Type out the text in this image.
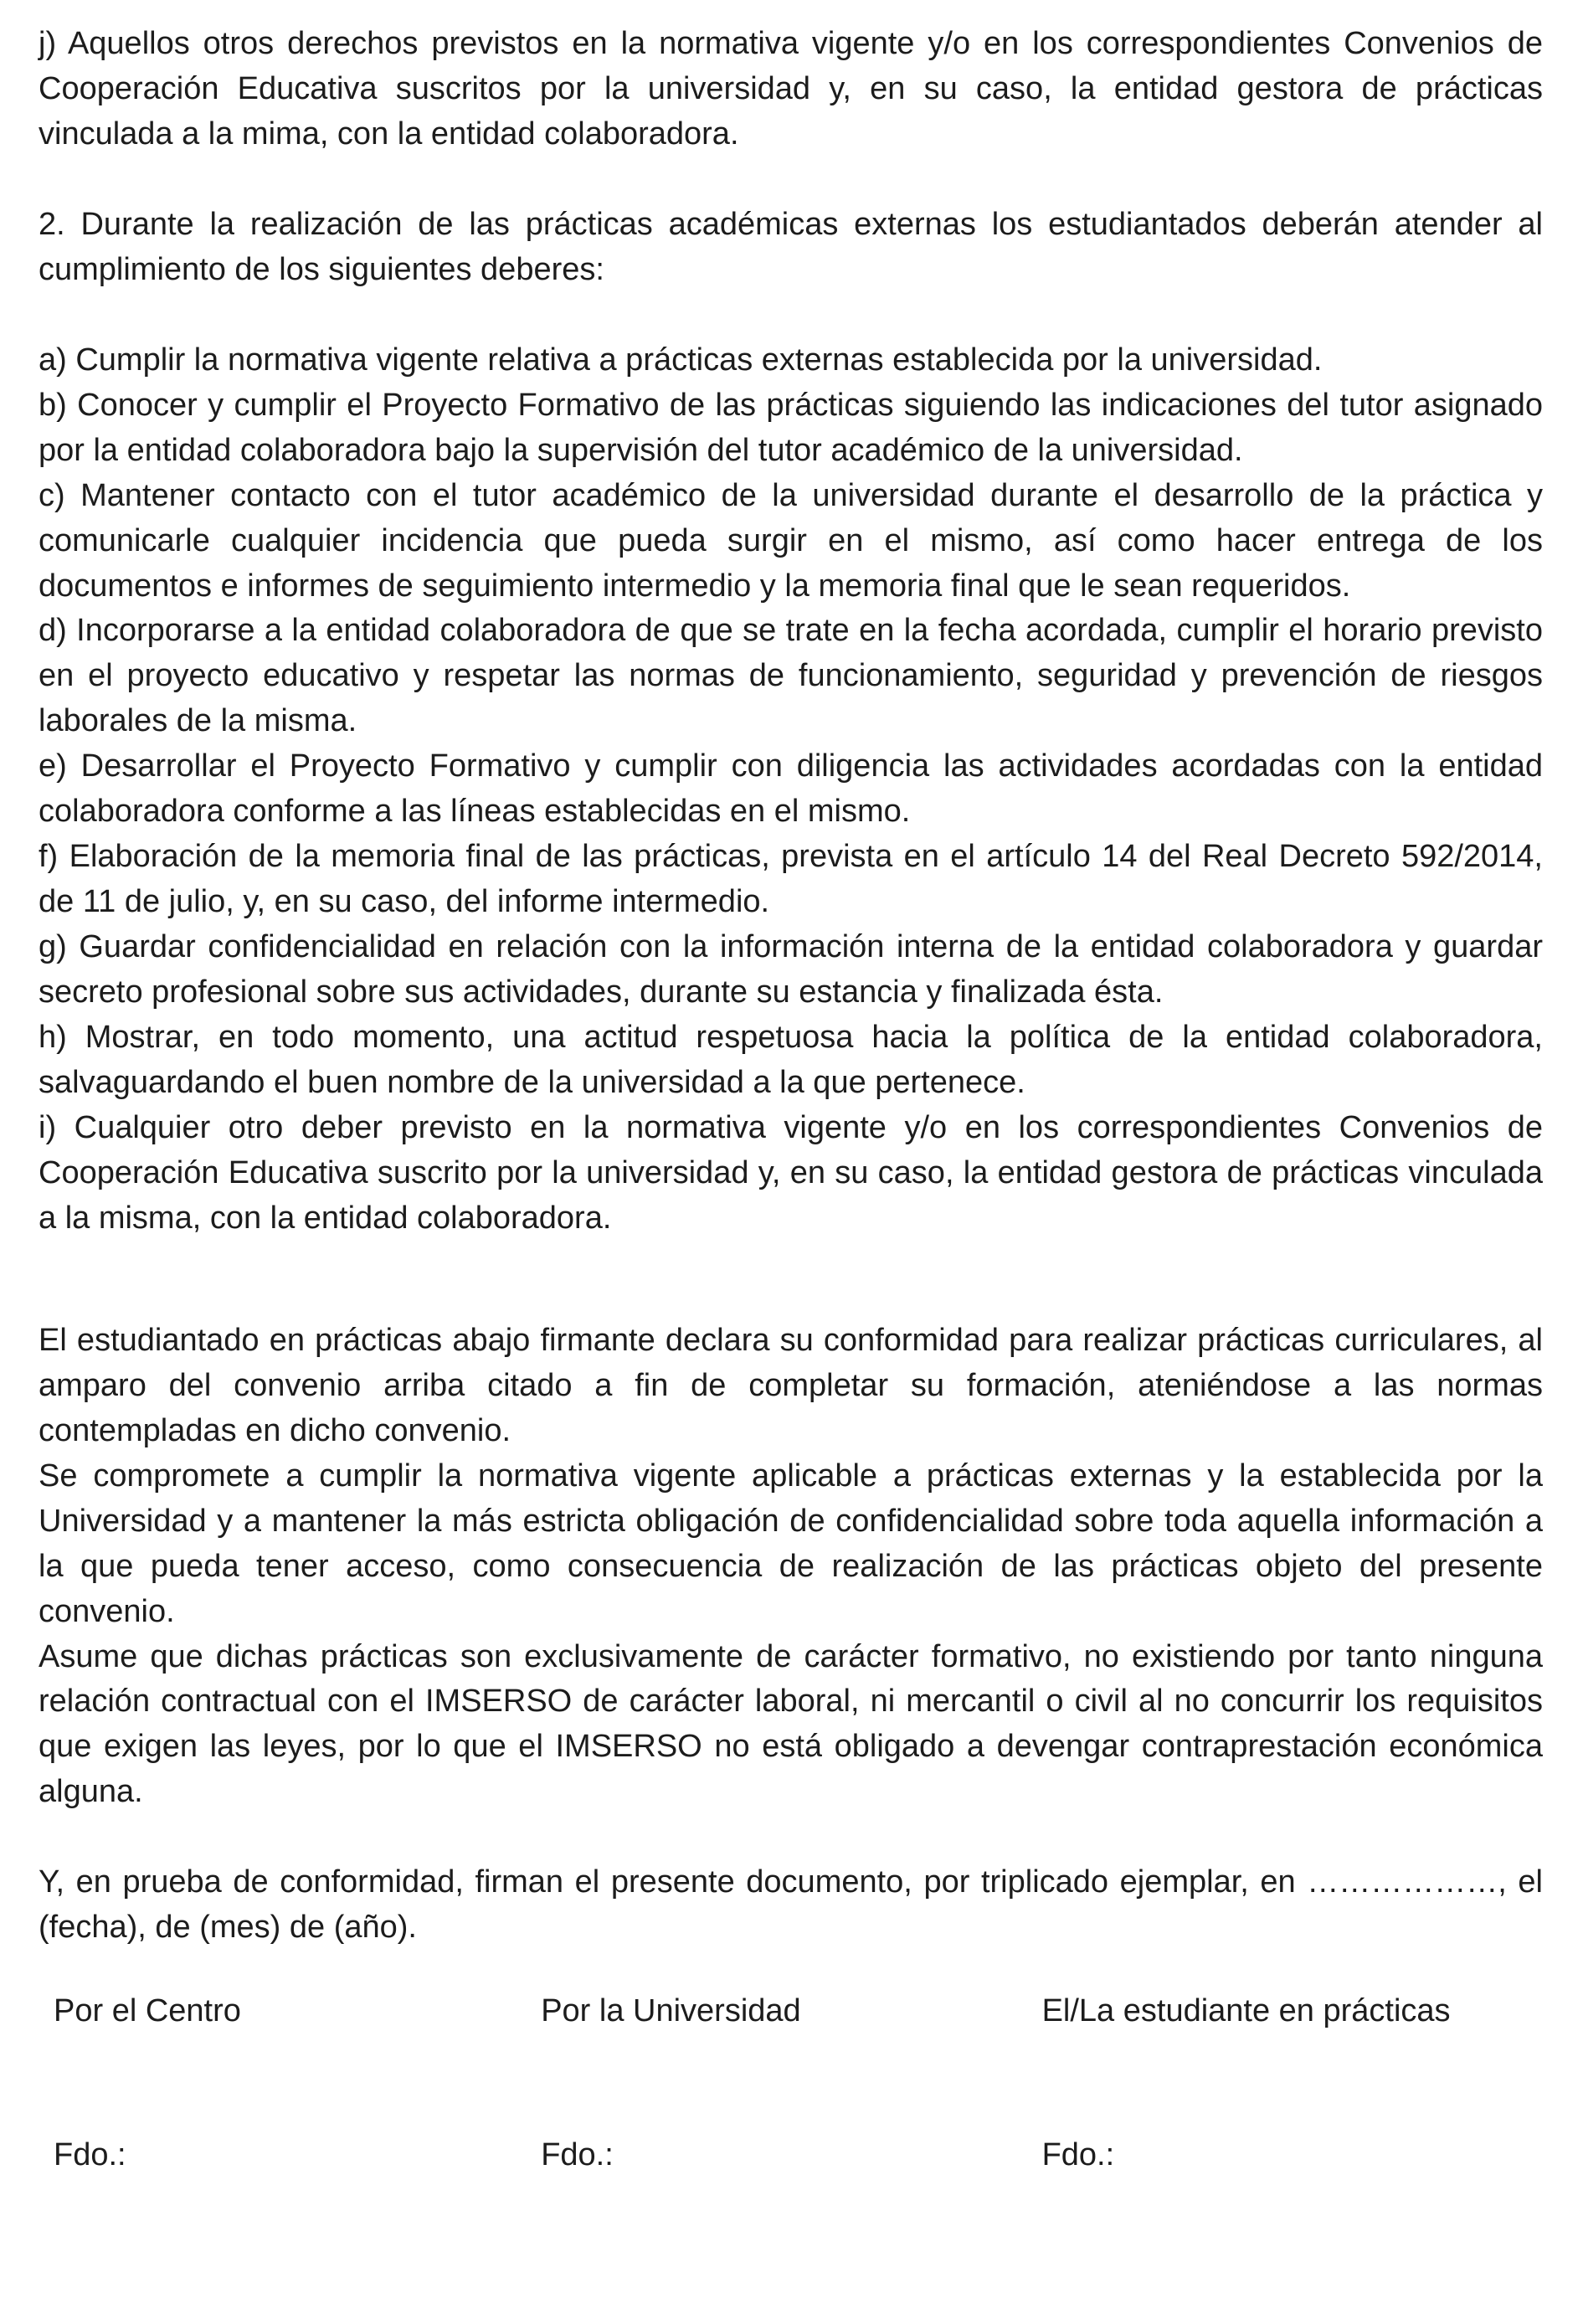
j) Aquellos otros derechos previstos en la normativa vigente y/o en los correspondientes Convenios de Cooperación Educativa suscritos por la universidad y, en su caso, la entidad gestora de prácticas vinculada a la mima, con la entidad colaboradora.

2. Durante la realización de las prácticas académicas externas los estudiantados deberán atender al cumplimiento de los siguientes deberes:

a) Cumplir la normativa vigente relativa a prácticas externas establecida por la universidad.

b) Conocer y cumplir el Proyecto Formativo de las prácticas siguiendo las indicaciones del tutor asignado por la entidad colaboradora bajo la supervisión del tutor académico de la universidad.

c) Mantener contacto con el tutor académico de la universidad durante el desarrollo de la práctica y comunicarle cualquier incidencia que pueda surgir en el mismo, así como hacer entrega de los documentos e informes de seguimiento intermedio y la memoria final que le sean requeridos.

d) Incorporarse a la entidad colaboradora de que se trate en la fecha acordada, cumplir el horario previsto en el proyecto educativo y respetar las normas de funcionamiento, seguridad y prevención de riesgos laborales de la misma.

e) Desarrollar el Proyecto Formativo y cumplir con diligencia las actividades acordadas con la entidad colaboradora conforme a las líneas establecidas en el mismo.

f) Elaboración de la memoria final de las prácticas, prevista en el artículo 14 del Real Decreto 592/2014, de 11 de julio, y, en su caso, del informe intermedio.

g) Guardar confidencialidad en relación con la información interna de la entidad colaboradora y guardar secreto profesional sobre sus actividades, durante su estancia y finalizada ésta.

h) Mostrar, en todo momento, una actitud respetuosa hacia la política de la entidad colaboradora, salvaguardando el buen nombre de la universidad a la que pertenece.

i) Cualquier otro deber previsto en la normativa vigente y/o en los correspondientes Convenios de Cooperación Educativa suscrito por la universidad y, en su caso, la entidad gestora de prácticas vinculada a la misma, con la entidad colaboradora.

El estudiantado en prácticas abajo firmante declara su conformidad para realizar prácticas curriculares, al amparo del convenio arriba citado a fin de completar su formación, ateniéndose a las normas contempladas en dicho convenio.

Se compromete a cumplir la normativa vigente aplicable a prácticas externas y la establecida por la Universidad y a mantener la más estricta obligación de confidencialidad sobre toda aquella información a la que pueda tener acceso, como consecuencia de realización de las prácticas objeto del presente convenio.

Asume que dichas prácticas son exclusivamente de carácter formativo, no existiendo por tanto ninguna relación contractual con el IMSERSO de carácter laboral, ni mercantil o civil al no concurrir los requisitos que exigen las leyes, por lo que el IMSERSO no está obligado a devengar contraprestación económica alguna.

Y, en prueba de conformidad, firman el presente documento, por triplicado ejemplar, en ………………, el (fecha), de (mes) de (año).

Por el Centro	Por la Universidad	El/La estudiante en prácticas
Fdo.:	Fdo.:	Fdo.:
